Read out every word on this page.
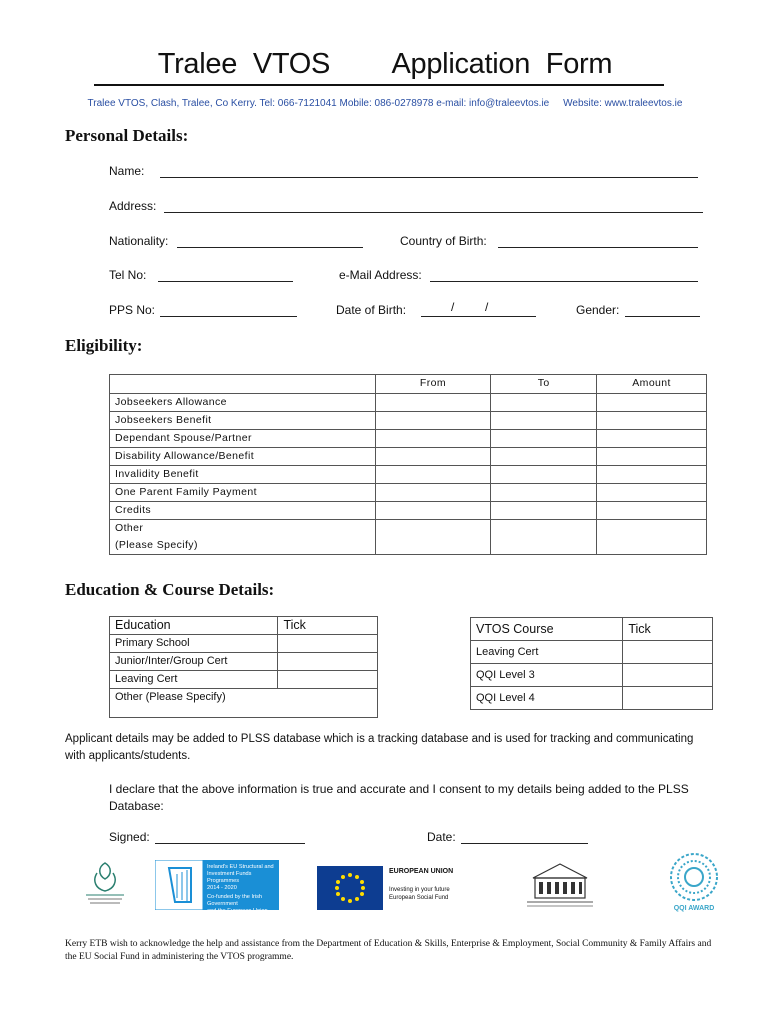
Tralee VTOS    Application Form
Tralee VTOS, Clash, Tralee, Co Kerry. Tel: 066-7121041 Mobile: 086-0278978 e-mail: info@traleevtos.ie     Website: www.traleevtos.ie
Personal Details:
Name:
Address:
Nationality:	Country of Birth:
Tel No:	e-Mail Address:
PPS No:	Date of Birth:	/	/	Gender:
Eligibility:
	From	To	Amount
Jobseekers Allowance			
Jobseekers Benefit			
Dependant Spouse/Partner			
Disability Allowance/Benefit			
Invalidity Benefit			
One Parent Family Payment			
Credits			
Other
(Please Specify)			
Education & Course Details:
Education	Tick
Primary School	
Junior/Inter/Group Cert	
Leaving Cert	
Other (Please Specify)	
VTOS Course	Tick
Leaving Cert	
QQI Level 3	
QQI Level 4	
Applicant details may be added to PLSS database which is a tracking database and is used for tracking and communicating with applicants/students.
I declare that the above information is true and accurate and I consent to my details being added to the PLSS Database:
Signed:	Date:
Ireland's EU Structural and
Investment Funds Programmes
2014 - 2020
Co-funded by the Irish Government
and the European Union
EUROPEAN UNION
Investing in your future
European Social Fund
QQI AWARD
Kerry ETB wish to acknowledge the help and assistance from the Department of Education & Skills, Enterprise & Employment, Social Community & Family Affairs and the EU Social Fund in administering the VTOS programme.
